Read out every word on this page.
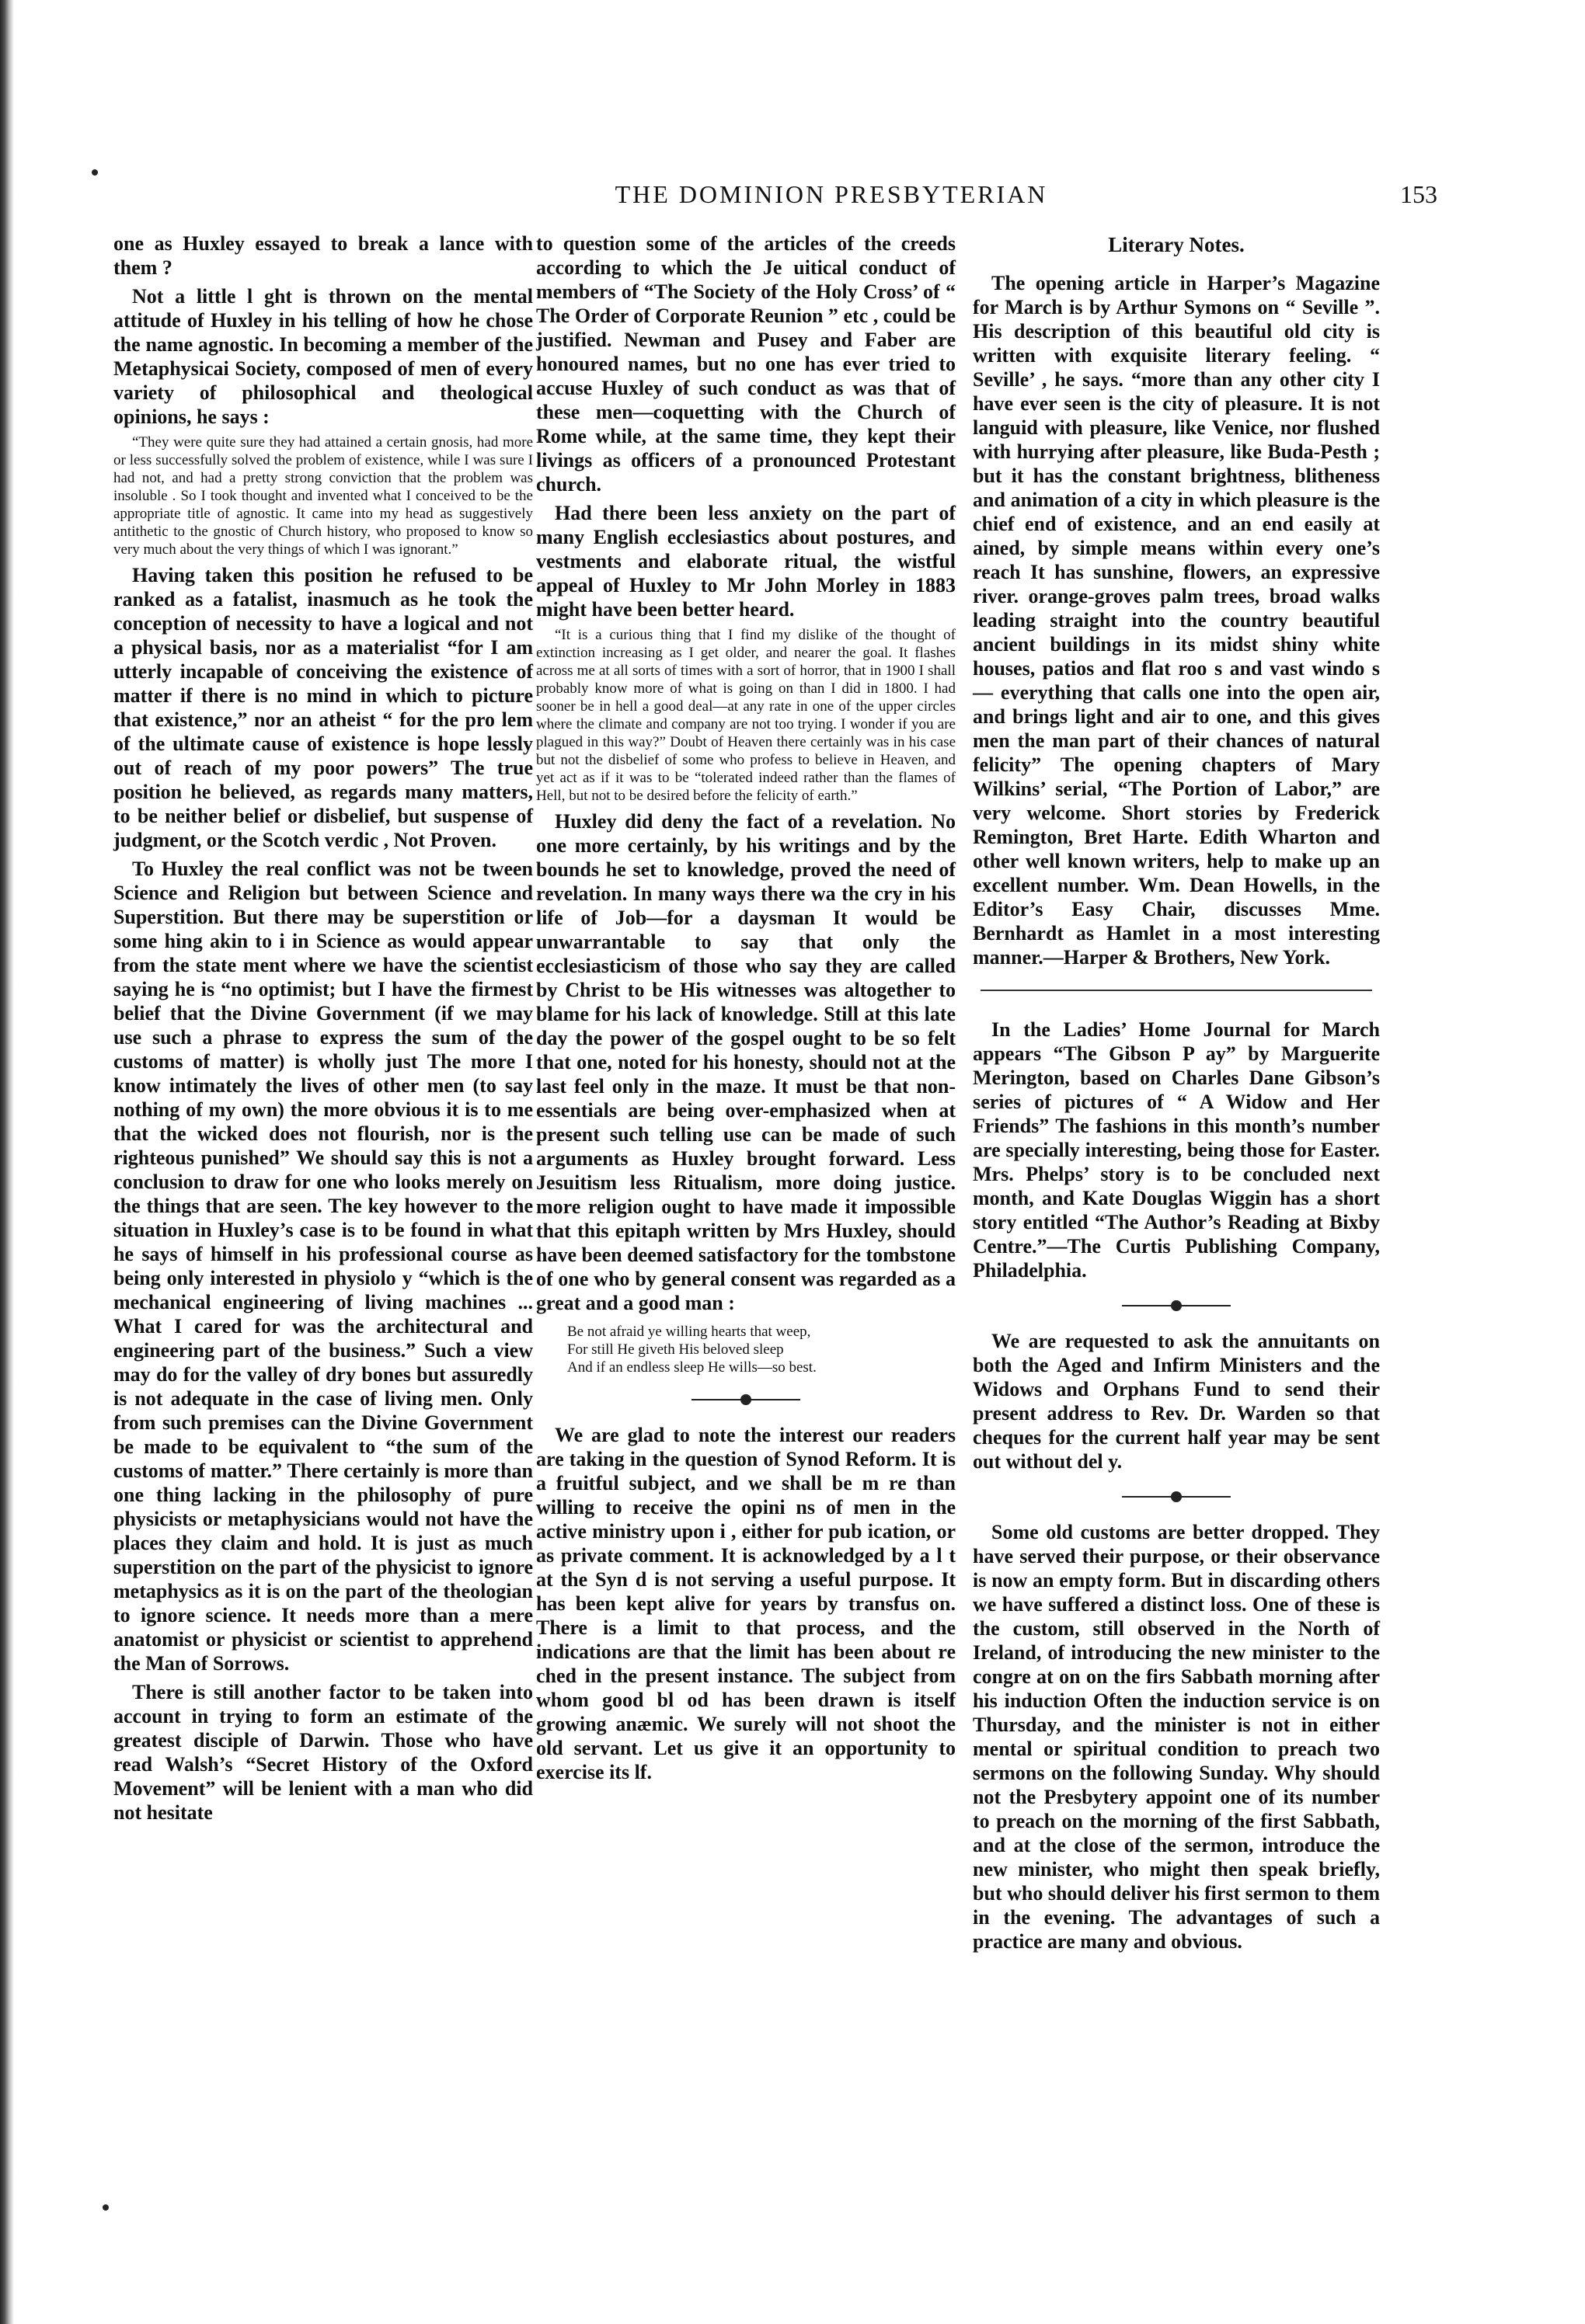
THE DOMINION PRESBYTERIAN	153

one as Huxley essayed to break a lance with them ?

Not a little l ght is thrown on the mental attitude of Huxley in his telling of how he chose the name agnostic. In becoming a member of the Metaphysicai Society, composed of men of every variety of philosophical and theological opinions, he says :

“They were quite sure they had attained a certain gnosis, had more or less successfully solved the problem of existence, while I was sure I had not, and had a pretty strong conviction that the problem was insoluble . So I took thought and invented what I conceived to be the appropriate title of agnostic. It came into my head as suggestively antithetic to the gnostic of Church history, who proposed to know so very much about the very things of which I was ignorant.”

Having taken this position he refused to be ranked as a fatalist, inasmuch as he took the conception of necessity to have a logical and not a physical basis, nor as a materialist “for I am utterly incapable of conceiving the existence of matter if there is no mind in which to picture that existence,” nor an atheist “ for the pro lem of the ultimate cause of existence is hope lessly out of reach of my poor powers” The true position he believed, as regards many matters, to be neither belief or disbelief, but suspense of judgment, or the Scotch verdic , Not Proven.

To Huxley the real conflict was not be tween Science and Religion but between Science and Superstition. But there may be superstition or some hing akin to i in Science as would appear from the state ment where we have the scientist saying he is “no optimist; but I have the firmest belief that the Divine Government (if we may use such a phrase to express the sum of the customs of matter) is wholly just The more I know intimately the lives of other men (to say nothing of my own) the more obvious it is to me that the wicked does not flourish, nor is the righteous punished” We should say this is not a conclusion to draw for one who looks merely on the things that are seen. The key however to the situation in Huxley’s case is to be found in what he says of himself in his professional course as being only interested in physiolo y “which is the mechanical engineering of living machines ... What I cared for was the architectural and engineering part of the business.” Such a view may do for the valley of dry bones but assuredly is not adequate in the case of living men. Only from such premises can the Divine Government be made to be equivalent to “the sum of the customs of matter.” There certainly is more than one thing lacking in the philosophy of pure physicists or metaphysicians would not have the places they claim and hold. It is just as much superstition on the part of the physicist to ignore metaphysics as it is on the part of the theologian to ignore science. It needs more than a mere anatomist or physicist or scientist to apprehend the Man of Sorrows.

There is still another factor to be taken into account in trying to form an estimate of the greatest disciple of Darwin. Those who have read Walsh’s “Secret History of the Oxford Movement” will be lenient with a man who did not hesitate

to question some of the articles of the creeds according to which the Je uitical conduct of members of “The Society of the Holy Cross’ of “ The Order of Corporate Reunion ” etc , could be justified. Newman and Pusey and Faber are honoured names, but no one has ever tried to accuse Huxley of such conduct as was that of these men—coquetting with the Church of Rome while, at the same time, they kept their livings as officers of a pronounced Protestant church.

Had there been less anxiety on the part of many English ecclesiastics about postures, and vestments and elaborate ritual, the wistful appeal of Huxley to Mr John Morley in 1883 might have been better heard.

“It is a curious thing that I find my dislike of the thought of extinction increasing as I get older, and nearer the goal. It flashes across me at all sorts of times with a sort of horror, that in 1900 I shall probably know more of what is going on than I did in 1800. I had sooner be in hell a good deal—at any rate in one of the upper circles where the climate and company are not too trying. I wonder if you are plagued in this way?” Doubt of Heaven there certainly was in his case but not the disbelief of some who profess to believe in Heaven, and yet act as if it was to be “tolerated indeed rather than the flames of Hell, but not to be desired before the felicity of earth.”

Huxley did deny the fact of a revelation. No one more certainly, by his writings and by the bounds he set to knowledge, proved the need of revelation. In many ways there wa the cry in his life of Job—for a daysman It would be unwarrantable to say that only the ecclesiasticism of those who say they are called by Christ to be His witnesses was altogether to blame for his lack of knowledge. Still at this late day the power of the gospel ought to be so felt that one, noted for his honesty, should not at the last feel only in the maze. It must be that non-essentials are being over-emphasized when at present such telling use can be made of such arguments as Huxley brought forward. Less Jesuitism less Ritualism, more doing justice. more religion ought to have made it impossible that this epitaph written by Mrs Huxley, should have been deemed satisfactory for the tombstone of one who by general consent was regarded as a great and a good man :

Be not afraid ye willing hearts that weep,
For still He giveth His beloved sleep
And if an endless sleep He wills—so best.

We are glad to note the interest our readers are taking in the question of Synod Reform. It is a fruitful subject, and we shall be m re than willing to receive the opini ns of men in the active ministry upon i , either for pub ication, or as private comment. It is acknowledged by a l t at the Syn d is not serving a useful purpose. It has been kept alive for years by transfus on. There is a limit to that process, and the indications are that the limit has been about re ched in the present instance. The subject from whom good bl od has been drawn is itself growing anæmic. We surely will not shoot the old servant. Let us give it an opportunity to exercise its lf.

Literary Notes.

The opening article in Harper’s Magazine for March is by Arthur Symons on “ Seville ”. His description of this beautiful old city is written with exquisite literary feeling. “ Seville’ , he says. “more than any other city I have ever seen is the city of pleasure. It is not languid with pleasure, like Venice, nor flushed with hurrying after pleasure, like Buda-Pesth ; but it has the constant brightness, blitheness and animation of a city in which pleasure is the chief end of existence, and an end easily at ained, by simple means within every one’s reach It has sunshine, flowers, an expressive river. orange-groves palm trees, broad walks leading straight into the country beautiful ancient buildings in its midst shiny white houses, patios and flat roo s and vast windo s — everything that calls one into the open air, and brings light and air to one, and this gives men the man part of their chances of natural felicity” The opening chapters of Mary Wilkins’ serial, “The Portion of Labor,” are very welcome. Short stories by Frederick Remington, Bret Harte. Edith Wharton and other well known writers, help to make up an excellent number. Wm. Dean Howells, in the Editor’s Easy Chair, discusses Mme. Bernhardt as Hamlet in a most interesting manner.—Harper & Brothers, New York.

In the Ladies’ Home Journal for March appears “The Gibson P ay” by Marguerite Merington, based on Charles Dane Gibson’s series of pictures of “ A Widow and Her Friends” The fashions in this month’s number are specially interesting, being those for Easter. Mrs. Phelps’ story is to be concluded next month, and Kate Douglas Wiggin has a short story entitled “The Author’s Reading at Bixby Centre.”—The Curtis Publishing Company, Philadelphia.

We are requested to ask the annuitants on both the Aged and Infirm Ministers and the Widows and Orphans Fund to send their present address to Rev. Dr. Warden so that cheques for the current half year may be sent out without del y.

Some old customs are better dropped. They have served their purpose, or their observance is now an empty form. But in discarding others we have suffered a distinct loss. One of these is the custom, still observed in the North of Ireland, of introducing the new minister to the congre at on on the firs Sabbath morning after his induction Often the induction service is on Thursday, and the minister is not in either mental or spiritual condition to preach two sermons on the following Sunday. Why should not the Presbytery appoint one of its number to preach on the morning of the first Sabbath, and at the close of the sermon, introduce the new minister, who might then speak briefly, but who should deliver his first sermon to them in the evening. The advantages of such a practice are many and obvious.
